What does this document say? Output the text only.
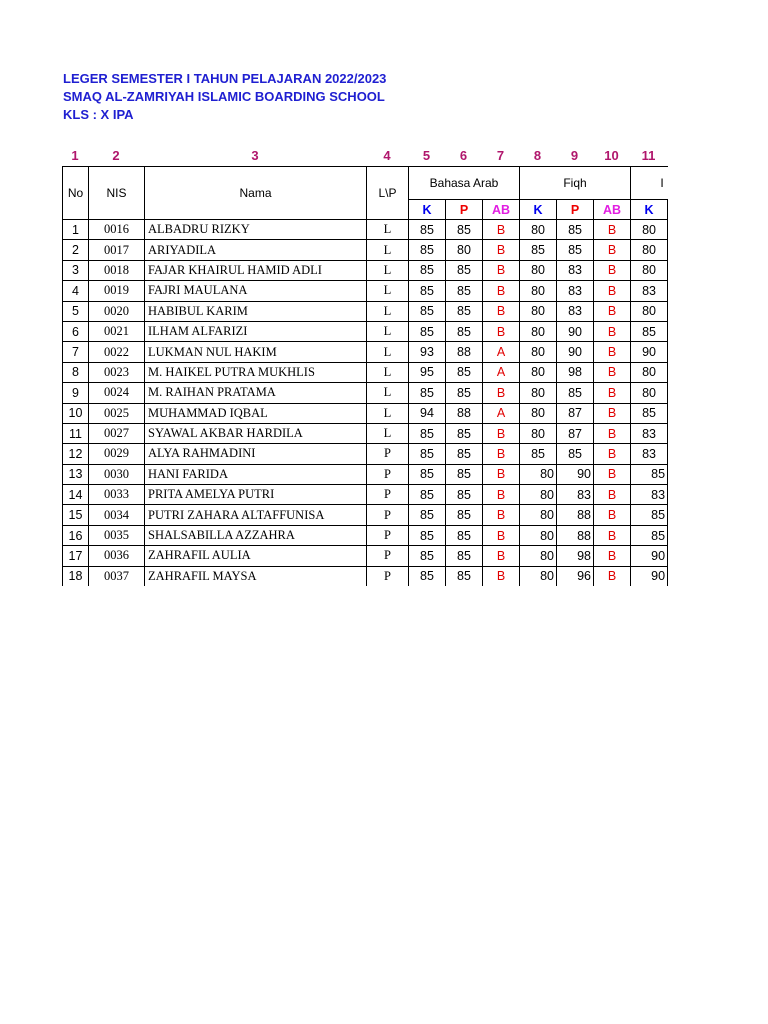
LEGER SEMESTER I TAHUN PELAJARAN 2022/2023
SMAQ AL-ZAMRIYAH ISLAMIC BOARDING SCHOOL
KLS : X IPA
1	2	3	4	5	6	7	8	9	10	11
No	NIS	Nama	L\P	Bahasa Arab			Fiqh			I	
				K	P	AB	K	P	AB	K	
1	0016	ALBADRU RIZKY	L	85	85	B	80	85	B	80	
2	0017	ARIYADILA	L	85	80	B	85	85	B	80	
3	0018	FAJAR KHAIRUL HAMID ADLI	L	85	85	B	80	83	B	80	
4	0019	FAJRI MAULANA	L	85	85	B	80	83	B	83	
5	0020	HABIBUL KARIM	L	85	85	B	80	83	B	80	
6	0021	ILHAM ALFARIZI	L	85	85	B	80	90	B	85	
7	0022	LUKMAN NUL HAKIM	L	93	88	A	80	90	B	90	
8	0023	M. HAIKEL PUTRA MUKHLIS	L	95	85	A	80	98	B	80	
9	0024	M. RAIHAN PRATAMA	L	85	85	B	80	85	B	80	
10	0025	MUHAMMAD IQBAL	L	94	88	A	80	87	B	85	
11	0027	SYAWAL AKBAR HARDILA	L	85	85	B	80	87	B	83	
12	0029	ALYA RAHMADINI	P	85	85	B	85	85	B	83	
13	0030	HANI FARIDA	P	85	85	B	80	90	B	85	
14	0033	PRITA AMELYA PUTRI	P	85	85	B	80	83	B	83	
15	0034	PUTRI ZAHARA ALTAFFUNISA	P	85	85	B	80	88	B	85	
16	0035	SHALSABILLA AZZAHRA	P	85	85	B	80	88	B	85	
17	0036	ZAHRAFIL AULIA	P	85	85	B	80	98	B	90	
18	0037	ZAHRAFIL MAYSA	P	85	85	B	80	96	B	90	
